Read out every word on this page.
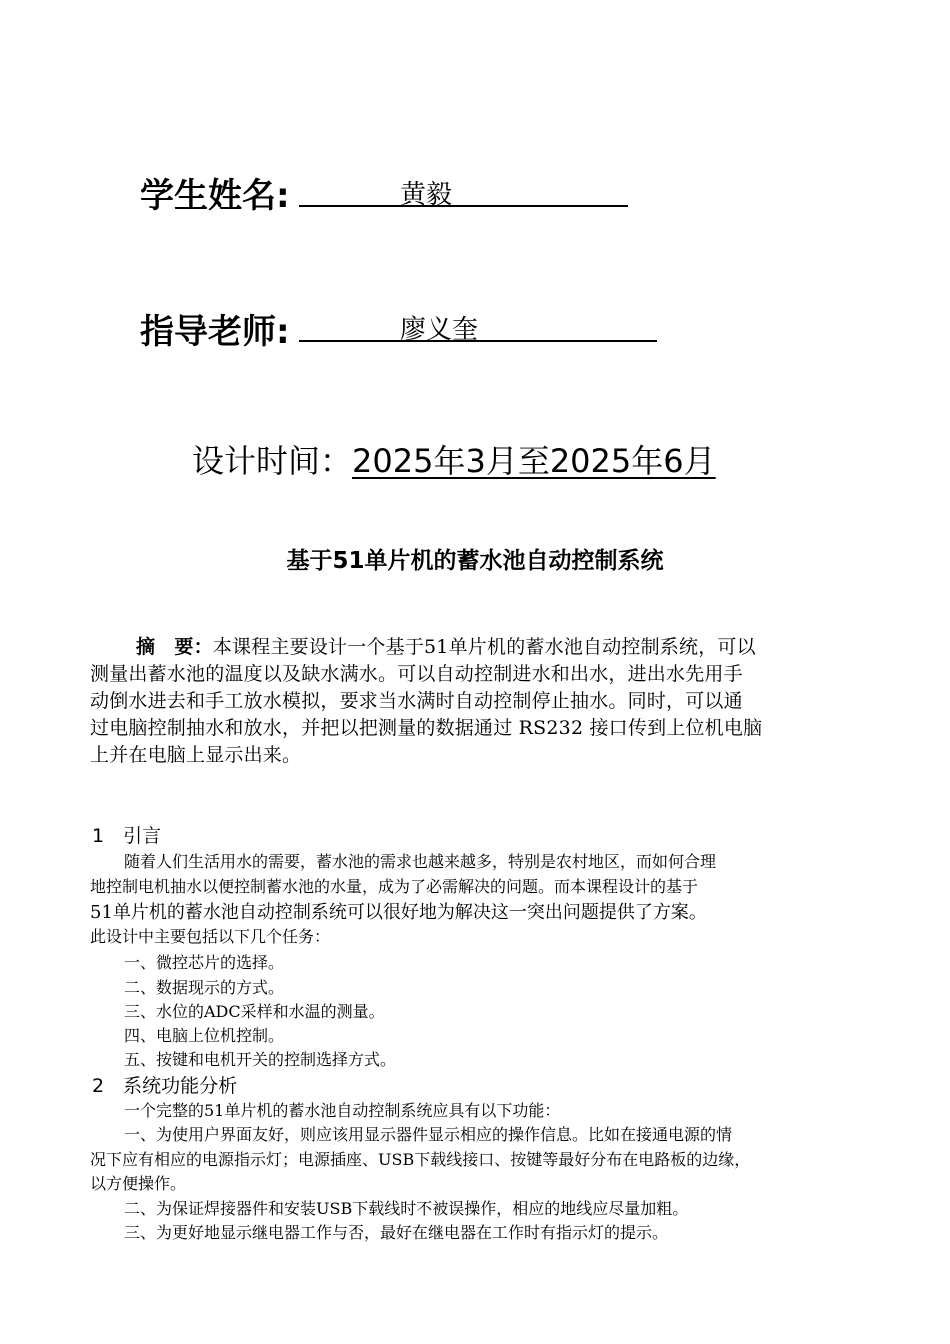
学生姓名:	黄毅
指导老师:	廖义奎
设计时间：2025年3月至2025年6月
基于51单片机的蓄水池自动控制系统
摘　要：本课程主要设计一个基于51单片机的蓄水池自动控制系统，可以
测量出蓄水池的温度以及缺水满水。可以自动控制进水和出水，进出水先用手
动倒水进去和手工放水模拟，要求当水满时自动控制停止抽水。同时，可以通
过电脑控制抽水和放水，并把以把测量的数据通过 RS232 接口传到上位机电脑
上并在电脑上显示出来。
1　引言
随着人们生活用水的需要，蓄水池的需求也越来越多，特别是农村地区，而如何合理
地控制电机抽水以便控制蓄水池的水量，成为了必需解决的问题。而本课程设计的基于
51单片机的蓄水池自动控制系统可以很好地为解决这一突出问题提供了方案。
此设计中主要包括以下几个任务：
一、微控芯片的选择。
二、数据现示的方式。
三、水位的ADC采样和水温的测量。
四、电脑上位机控制。
五、按键和电机开关的控制选择方式。
2　系统功能分析
一个完整的51单片机的蓄水池自动控制系统应具有以下功能：
一、为使用户界面友好，则应该用显示器件显示相应的操作信息。比如在接通电源的情
况下应有相应的电源指示灯；电源插座、USB下载线接口、按键等最好分布在电路板的边缘，
以方便操作。
二、为保证焊接器件和安装USB下载线时不被误操作，相应的地线应尽量加粗。
三、为更好地显示继电器工作与否，最好在继电器在工作时有指示灯的提示。
